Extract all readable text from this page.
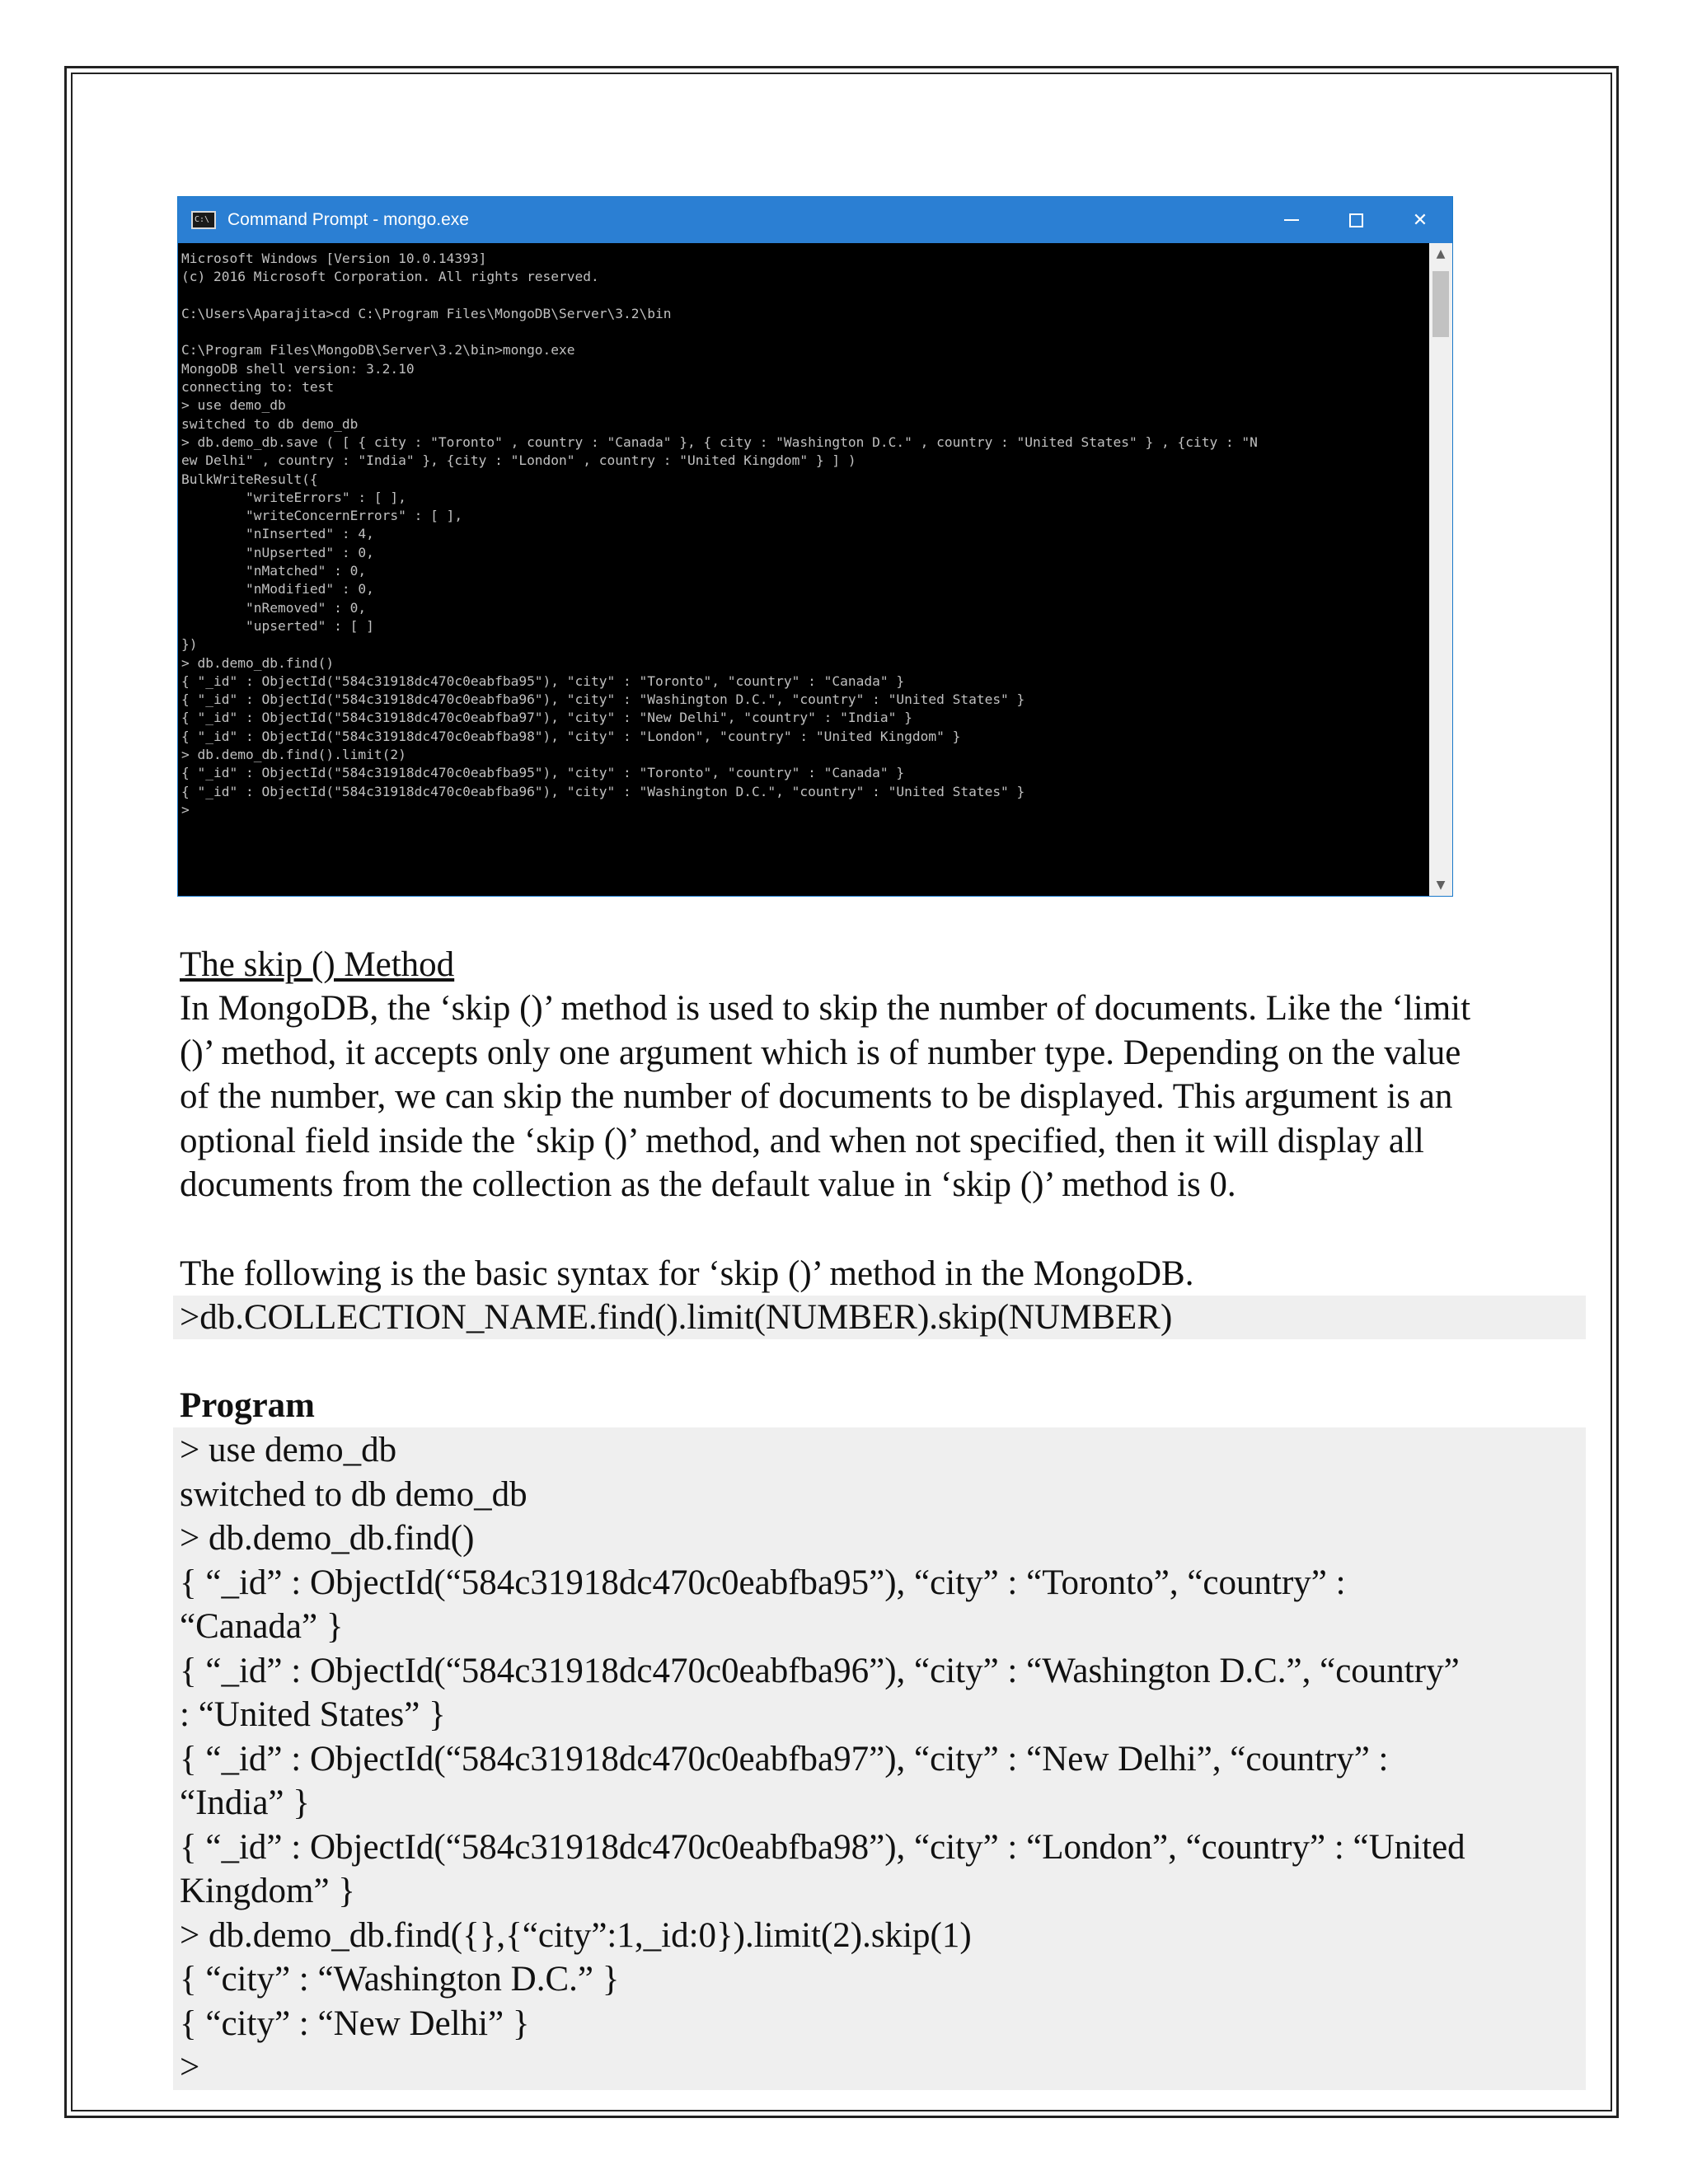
C:\	Command Prompt - mongo.exe	✕
Microsoft Windows [Version 10.0.14393]
(c) 2016 Microsoft Corporation. All rights reserved.
C:\Users\Aparajita>cd C:\Program Files\MongoDB\Server\3.2\bin
C:\Program Files\MongoDB\Server\3.2\bin>mongo.exe
MongoDB shell version: 3.2.10
connecting to: test
> use demo_db
switched to db demo_db
> db.demo_db.save ( [ { city : "Toronto" , country : "Canada" }, { city : "Washington D.C." , country : "United States" } , {city : "N
ew Delhi" , country : "India" }, {city : "London" , country : "United Kingdom" } ] )
BulkWriteResult({
"writeErrors" : [ ],
"writeConcernErrors" : [ ],
"nInserted" : 4,
"nUpserted" : 0,
"nMatched" : 0,
"nModified" : 0,
"nRemoved" : 0,
"upserted" : [ ]
})
> db.demo_db.find()
{ "_id" : ObjectId("584c31918dc470c0eabfba95"), "city" : "Toronto", "country" : "Canada" }
{ "_id" : ObjectId("584c31918dc470c0eabfba96"), "city" : "Washington D.C.", "country" : "United States" }
{ "_id" : ObjectId("584c31918dc470c0eabfba97"), "city" : "New Delhi", "country" : "India" }
{ "_id" : ObjectId("584c31918dc470c0eabfba98"), "city" : "London", "country" : "United Kingdom" }
> db.demo_db.find().limit(2)
{ "_id" : ObjectId("584c31918dc470c0eabfba95"), "city" : "Toronto", "country" : "Canada" }
{ "_id" : ObjectId("584c31918dc470c0eabfba96"), "city" : "Washington D.C.", "country" : "United States" }
>
▲
▼
The skip () Method
In MongoDB, the ‘skip ()’ method is used to skip the number of documents. Like the ‘limit
()’ method, it accepts only one argument which is of number type. Depending on the value
of the number, we can skip the number of documents to be displayed. This argument is an
optional field inside the ‘skip ()’ method, and when not specified, then it will display all
documents from the collection as the default value in ‘skip ()’ method is 0.
The following is the basic syntax for ‘skip ()’ method in the MongoDB.
>db.COLLECTION_NAME.find().limit(NUMBER).skip(NUMBER)
Program
> use demo_db
switched to db demo_db
> db.demo_db.find()
{ “_id” : ObjectId(“584c31918dc470c0eabfba95”), “city” : “Toronto”, “country” :
“Canada” }
{ “_id” : ObjectId(“584c31918dc470c0eabfba96”), “city” : “Washington D.C.”, “country”
: “United States” }
{ “_id” : ObjectId(“584c31918dc470c0eabfba97”), “city” : “New Delhi”, “country” :
“India” }
{ “_id” : ObjectId(“584c31918dc470c0eabfba98”), “city” : “London”, “country” : “United
Kingdom” }
> db.demo_db.find({},{“city”:1,_id:0}).limit(2).skip(1)
{ “city” : “Washington D.C.” }
{ “city” : “New Delhi” }
>
